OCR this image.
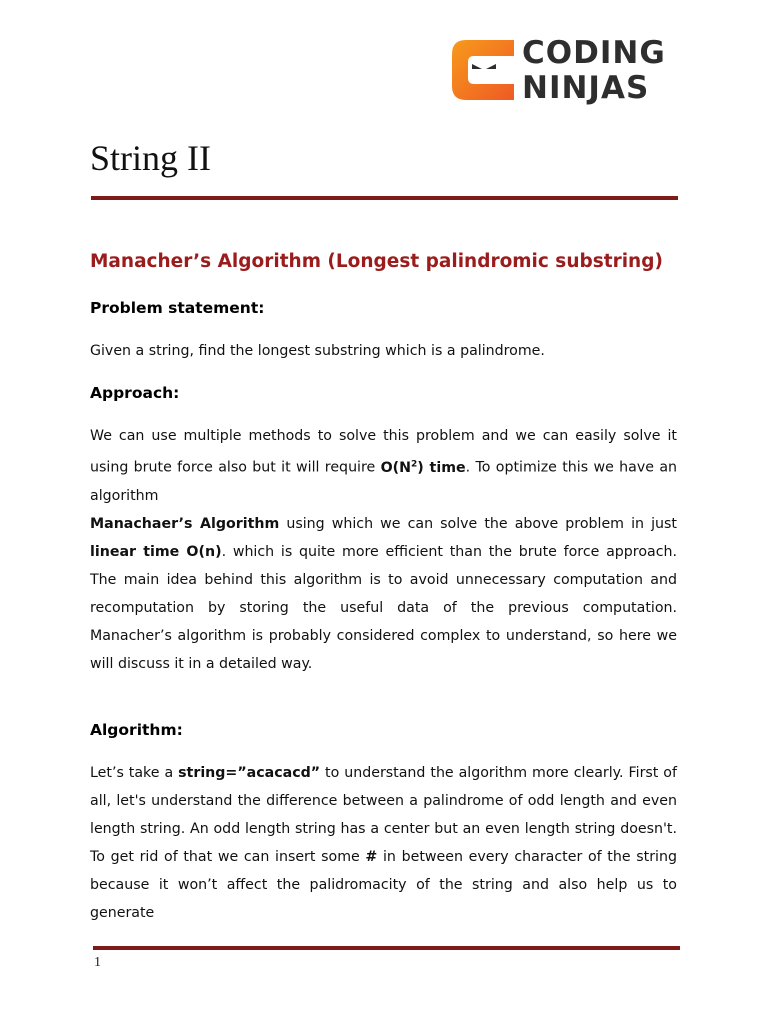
CODING
NINJAS
String II
Manacher’s Algorithm (Longest palindromic substring)
Problem statement:
Given a string, find the longest substring which is a palindrome.
Approach:
We can use multiple methods to solve this problem and we can easily solve it using brute force also but it will require $O(N^2)$ time. To optimize this we have an algorithm
Manachaer’s Algorithm using which we can solve the above problem in just linear time O(n). which is quite more efficient than the brute force approach. The main idea behind this algorithm is to avoid unnecessary computation and recomputation by storing the useful data of the previous computation. Manacher’s algorithm is probably considered complex to understand, so here we will discuss it in a detailed way.
Algorithm:
Let’s take a string=”acacacd” to understand the algorithm more clearly. First of all, let's understand the difference between a palindrome of odd length and even length string. An odd length string has a center but an even length string doesn't. To get rid of that we can insert some # in between every character of the string because it won’t affect the palidromacity of the string and also help us to generate
1
